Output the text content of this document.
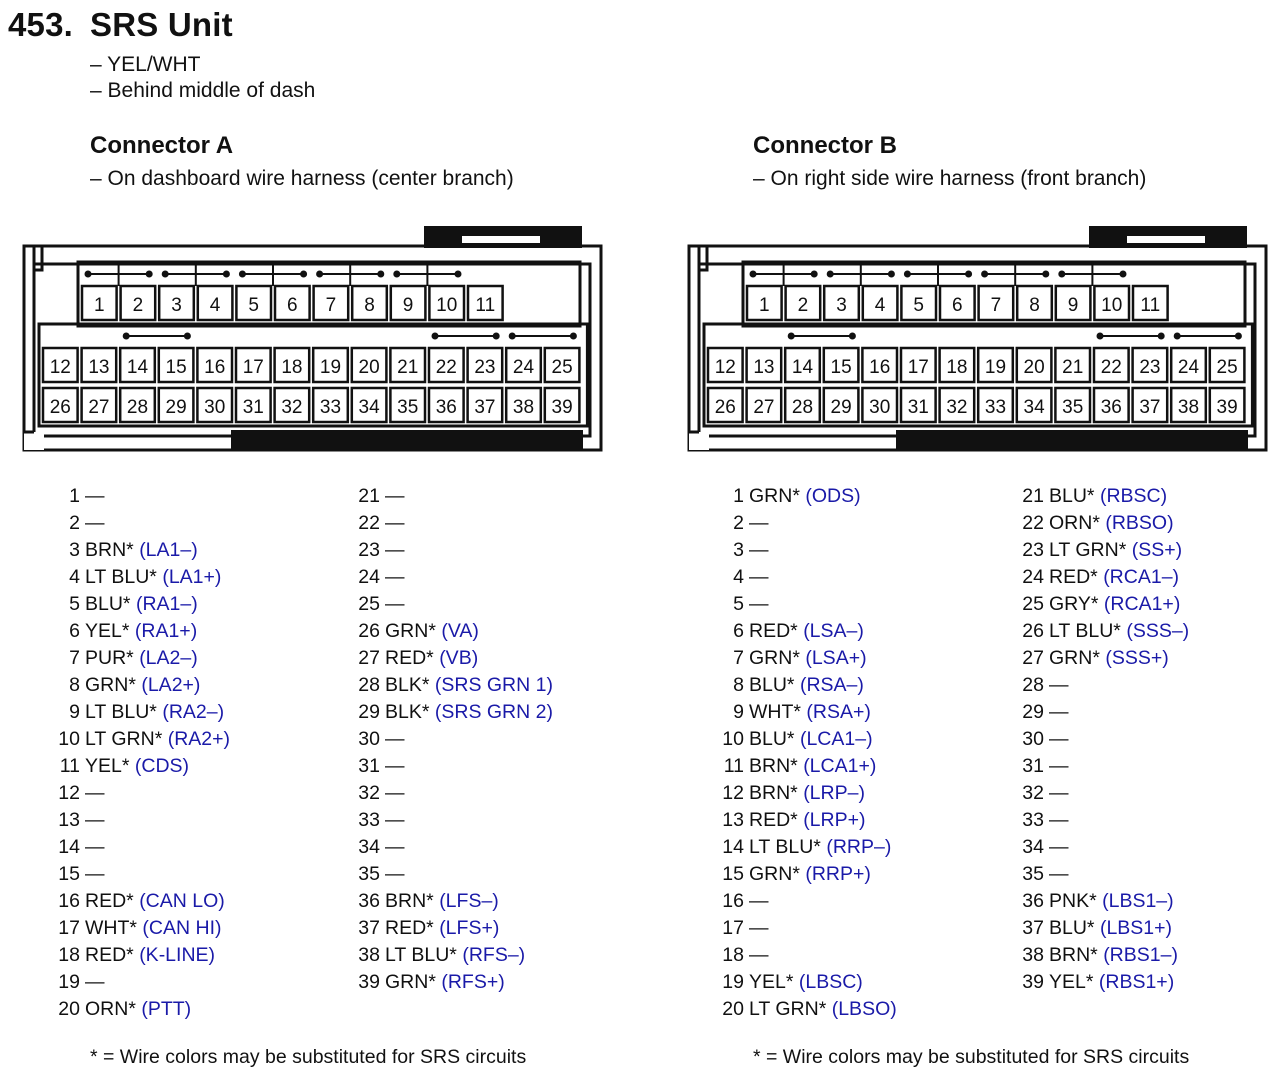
453. SRS Unit
– YEL/WHT
– Behind middle of dash
Connector A
– On dashboard wire harness (center branch)
Connector B
– On right side wire harness (front branch)
1 2 3 4 5 6 7 8 9 10 11
12 13 14 15 16 17 18 19 20 21 22 23 24 25
26 27 28 29 30 31 32 33 34 35 36 37 38 39
1 2 3 4 5 6 7 8 9 10 11
12 13 14 15 16 17 18 19 20 21 22 23 24 25
26 27 28 29 30 31 32 33 34 35 36 37 38 39
1 —
2 —
3 BRN* (LA1–)
4 LT BLU* (LA1+)
5 BLU* (RA1–)
6 YEL* (RA1+)
7 PUR* (LA2–)
8 GRN* (LA2+)
9 LT BLU* (RA2–)
10 LT GRN* (RA2+)
11 YEL* (CDS)
12 —
13 —
14 —
15 —
16 RED* (CAN LO)
17 WHT* (CAN HI)
18 RED* (K-LINE)
19 —
20 ORN* (PTT)
21 —
22 —
23 —
24 —
25 —
26 GRN* (VA)
27 RED* (VB)
28 BLK* (SRS GRN 1)
29 BLK* (SRS GRN 2)
30 —
31 —
32 —
33 —
34 —
35 —
36 BRN* (LFS–)
37 RED* (LFS+)
38 LT BLU* (RFS–)
39 GRN* (RFS+)
1 GRN* (ODS)
2 —
3 —
4 —
5 —
6 RED* (LSA–)
7 GRN* (LSA+)
8 BLU* (RSA–)
9 WHT* (RSA+)
10 BLU* (LCA1–)
11 BRN* (LCA1+)
12 BRN* (LRP–)
13 RED* (LRP+)
14 LT BLU* (RRP–)
15 GRN* (RRP+)
16 —
17 —
18 —
19 YEL* (LBSC)
20 LT GRN* (LBSO)
21 BLU* (RBSC)
22 ORN* (RBSO)
23 LT GRN* (SS+)
24 RED* (RCA1–)
25 GRY* (RCA1+)
26 LT BLU* (SSS–)
27 GRN* (SSS+)
28 —
29 —
30 —
31 —
32 —
33 —
34 —
35 —
36 PNK* (LBS1–)
37 BLU* (LBS1+)
38 BRN* (RBS1–)
39 YEL* (RBS1+)
* = Wire colors may be substituted for SRS circuits	* = Wire colors may be substituted for SRS circuits
